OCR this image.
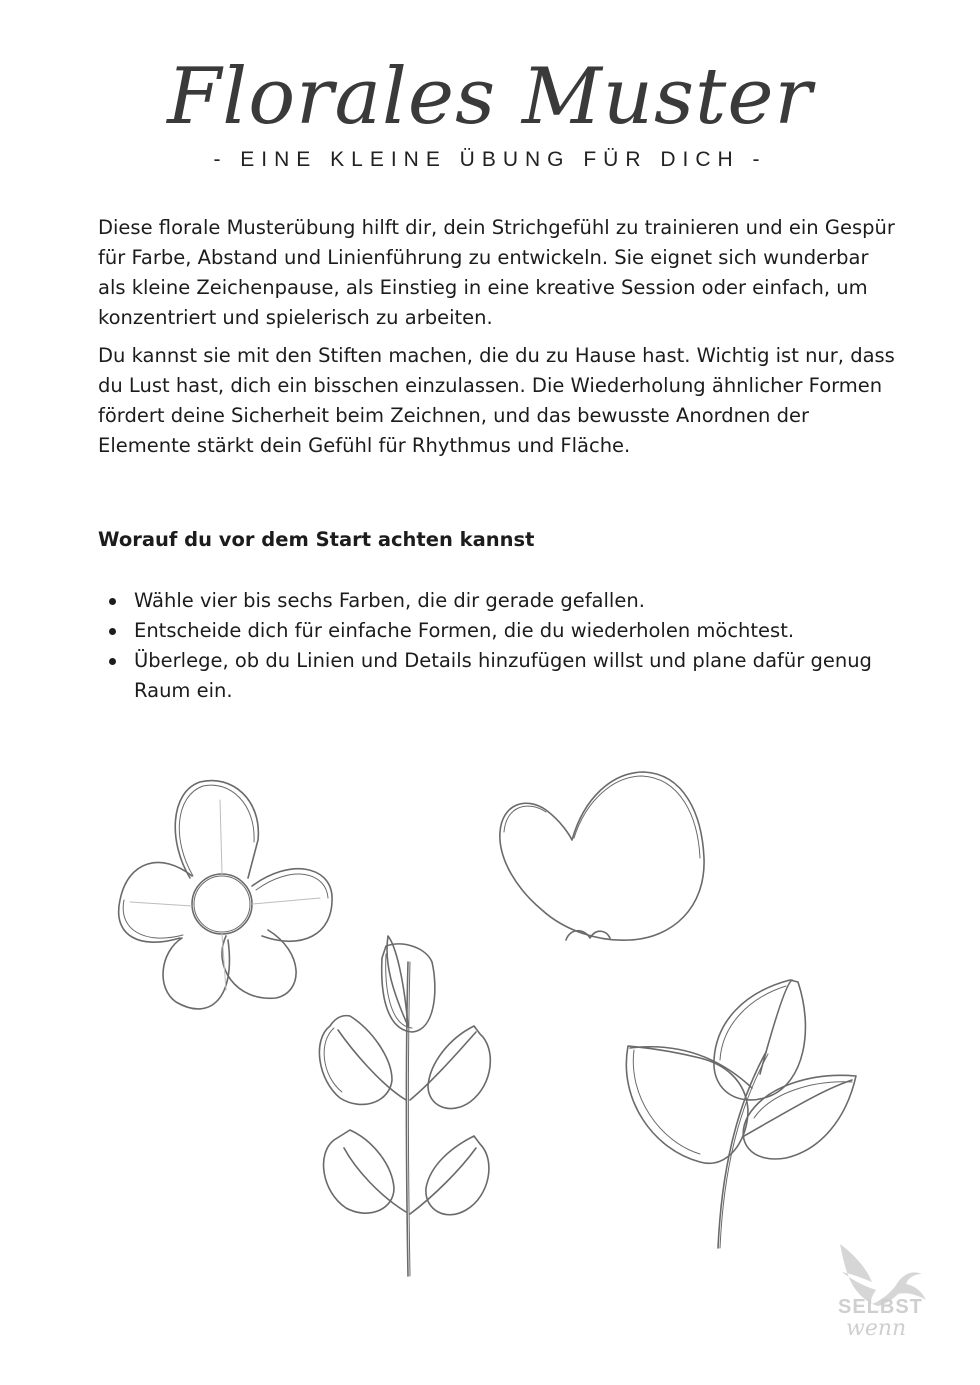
Florales Muster

- EINE KLEINE ÜBUNG FÜR DICH -

Diese florale Musterübung hilft dir, dein Strichgefühl zu trainieren und ein Gespür für Farbe, Abstand und Linienführung zu entwickeln. Sie eignet sich wunderbar als kleine Zeichenpause, als Einstieg in eine kreative Session oder einfach, um konzentriert und spielerisch zu arbeiten.

Du kannst sie mit den Stiften machen, die du zu Hause hast. Wichtig ist nur, dass du Lust hast, dich ein bisschen einzulassen. Die Wiederholung ähnlicher Formen fördert deine Sicherheit beim Zeichnen, und das bewusste Anordnen der Elemente stärkt dein Gefühl für Rhythmus und Fläche.

Worauf du vor dem Start achten kannst
Wähle vier bis sechs Farben, die dir gerade gefallen.
Entscheide dich für einfache Formen, die du wiederholen möchtest.
Überlege, ob du Linien und Details hinzufügen willst und plane dafür genug Raum ein.

SELBST

wenn
